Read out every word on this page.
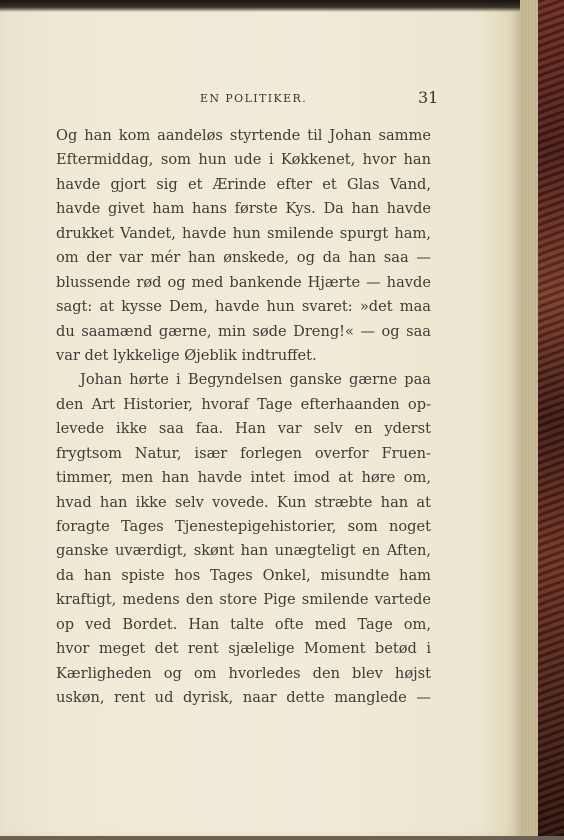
EN POLITIKER.	31

Og han kom aandeløs styrtende til Johan samme
Eftermiddag, som hun ude i Køkkenet, hvor han
havde gjort sig et Ærinde efter et Glas Vand,
havde givet ham hans første Kys. Da han havde
drukket Vandet, havde hun smilende spurgt ham,
om der var mér han ønskede, og da han saa —
blussende rød og med bankende Hjærte — havde
sagt: at kysse Dem, havde hun svaret: »det maa
du saamænd gærne, min søde Dreng!« — og saa
var det lykkelige Øjeblik indtruffet.

Johan hørte i Begyndelsen ganske gærne paa
den Art Historier, hvoraf Tage efterhaanden op-
levede ikke saa faa. Han var selv en yderst
frygtsom Natur, især forlegen overfor Fruen-
timmer, men han havde intet imod at høre om,
hvad han ikke selv vovede. Kun stræbte han at
foragte Tages Tjenestepigehistorier, som noget
ganske uværdigt, skønt han unægteligt en Aften,
da han spiste hos Tages Onkel, misundte ham
kraftigt, medens den store Pige smilende vartede
op ved Bordet. Han talte ofte med Tage om,
hvor meget det rent sjælelige Moment betød i
Kærligheden og om hvorledes den blev højst
uskøn, rent ud dyrisk, naar dette manglede —
